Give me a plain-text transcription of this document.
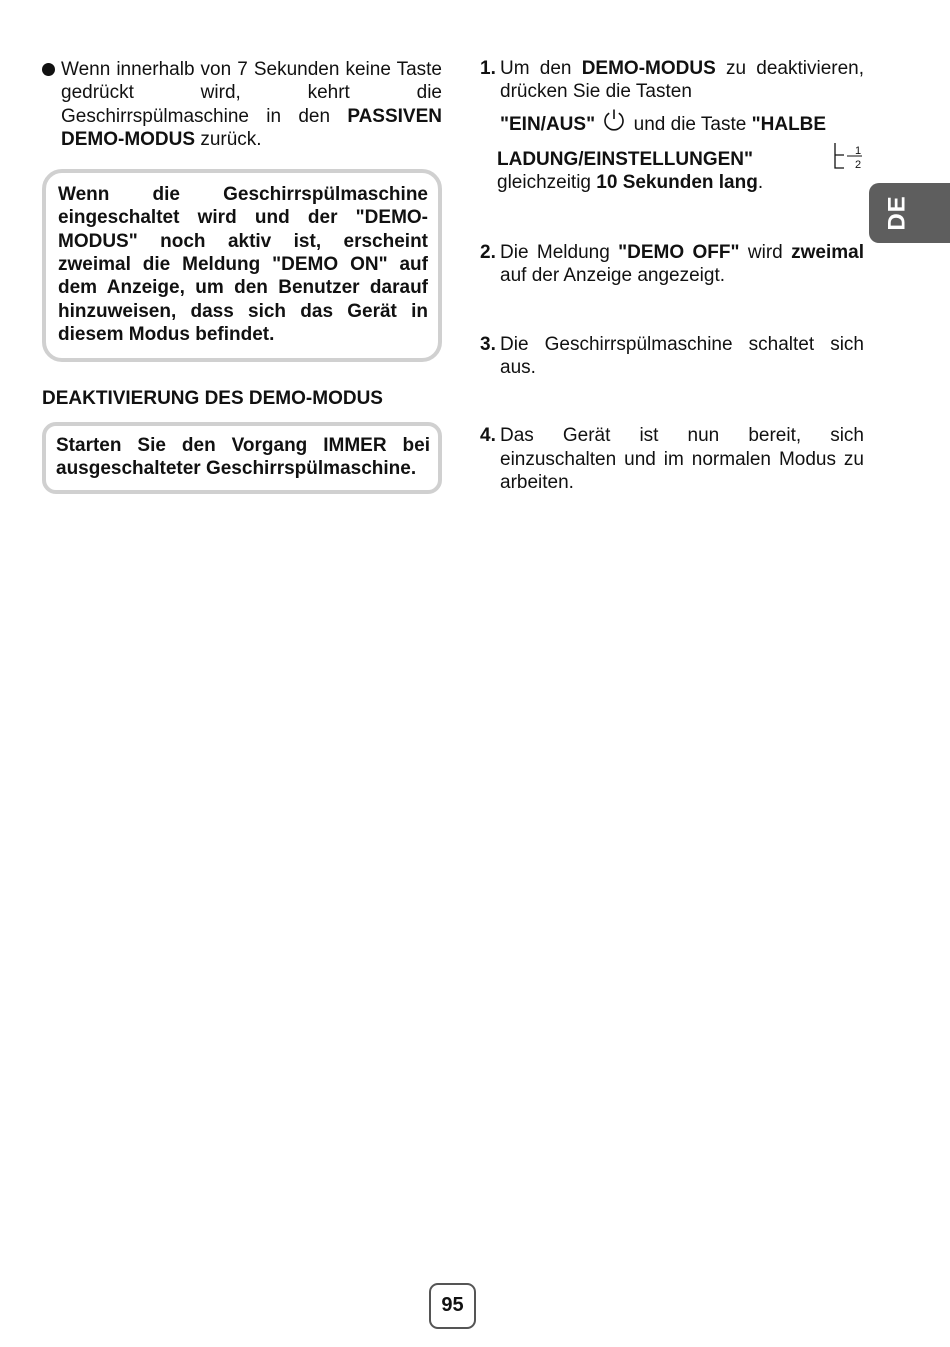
Wenn innerhalb von 7 Sekunden keine Taste gedrückt wird, kehrt die Geschirrspülmaschine in den PASSIVEN DEMO-MODUS zurück.
Wenn die Geschirrspülmaschine eingeschaltet wird und der "DEMO-MODUS" noch aktiv ist, erscheint zweimal die Meldung "DEMO ON" auf dem Anzeige, um den Benutzer darauf hinzuweisen, dass sich das Gerät in diesem Modus befindet.
DEAKTIVIERUNG DES DEMO-MODUS
Starten Sie den Vorgang IMMER bei ausgeschalteter Geschirrspülmaschine.
1. Um den DEMO-MODUS zu deaktivieren, drücken Sie die Tasten
"EIN/AUS"  und die Taste "HALBE
LADUNG/EINSTELLUNGEN"	1
2
gleichzeitig 10 Sekunden lang.
2. Die Meldung "DEMO OFF" wird zweimal auf der Anzeige angezeigt.
3. Die Geschirrspülmaschine schaltet sich aus.
4. Das Gerät ist nun bereit, sich einzuschalten und im normalen Modus zu arbeiten.
DE
95
